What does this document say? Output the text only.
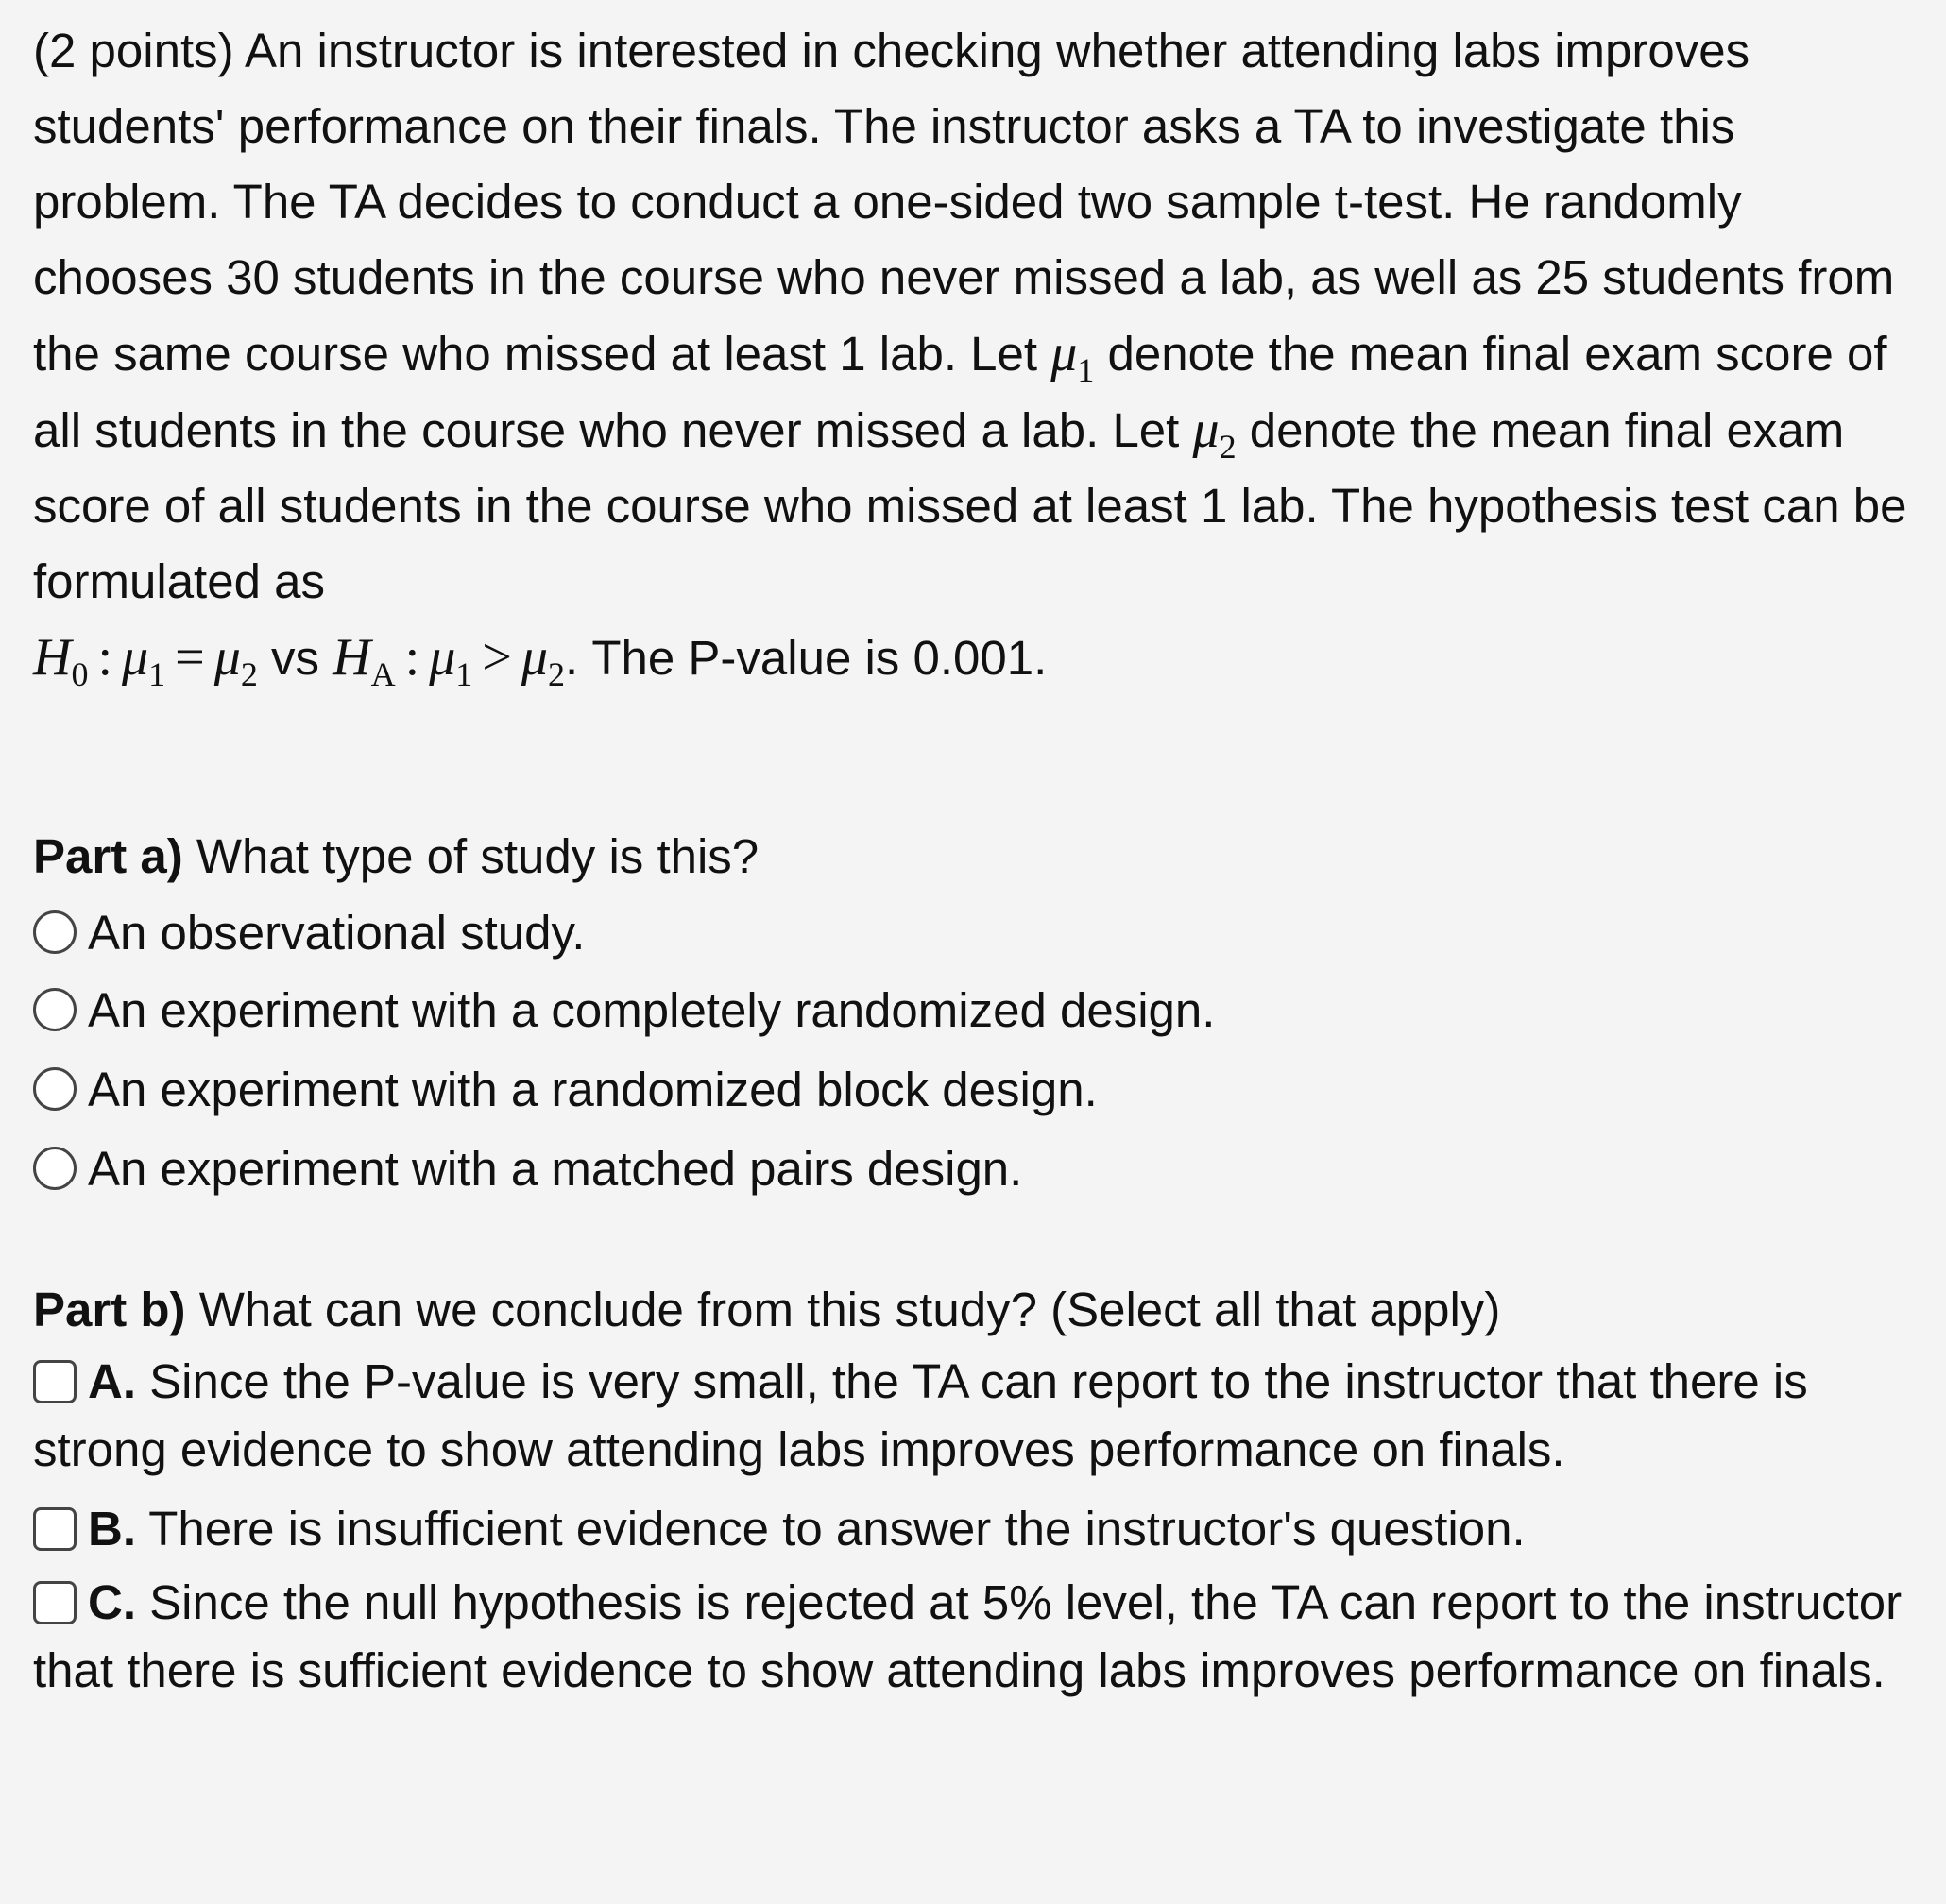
(2 points) An instructor is interested in checking whether attending labs improves students' performance on their finals. The instructor asks a TA to investigate this problem. The TA decides to conduct a one-sided two sample t-test. He randomly chooses 30 students in the course who never missed a lab, as well as 25 students from the same course who missed at least 1 lab. Let $\mu_1$ denote the mean final exam score of all students in the course who never missed a lab. Let $\mu_2$ denote the mean final exam score of all students in the course who missed at least 1 lab. The hypothesis test can be formulated as
$H_0$ : $\mu_1 = \mu_2$ vs $H_A$ : $\mu_1 > \mu_2$. The P-value is 0.001.

Part a) What type of study is this?

An observational study.
An experiment with a completely randomized design.
An experiment with a randomized block design.
An experiment with a matched pairs design.

Part b) What can we conclude from this study? (Select all that apply)

A. Since the P-value is very small, the TA can report to the instructor that there is strong evidence to show attending labs improves performance on finals.

B. There is insufficient evidence to answer the instructor's question.

C. Since the null hypothesis is rejected at 5% level, the TA can report to the instructor that there is sufficient evidence to show attending labs improves performance on finals.
